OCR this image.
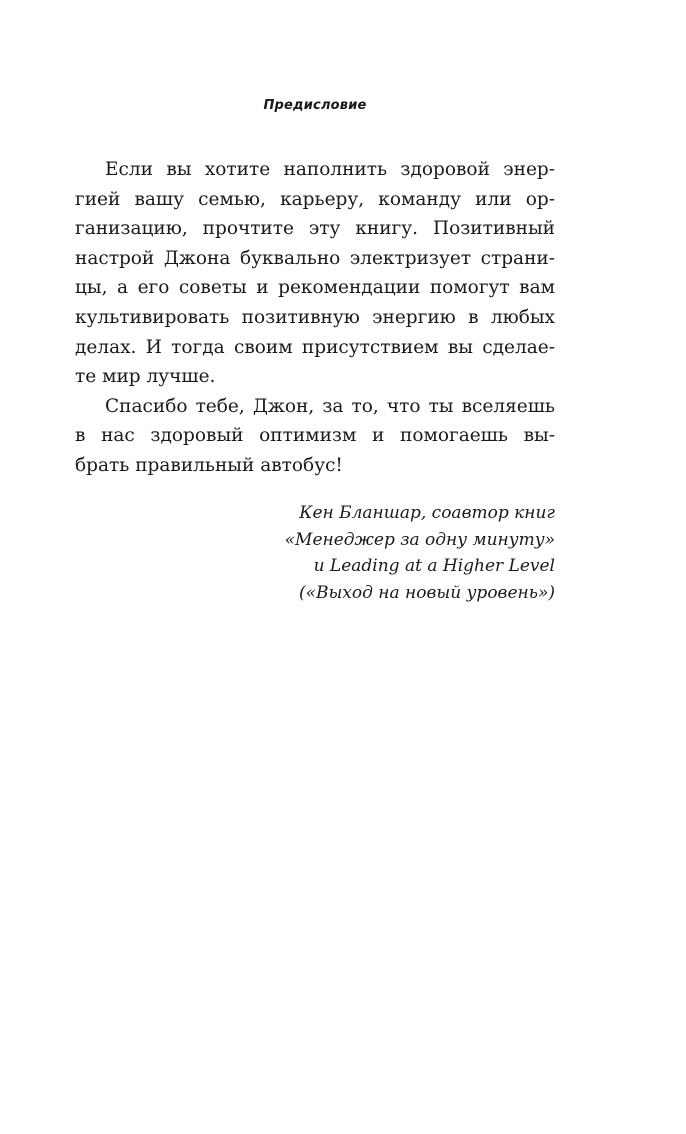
Предисловие
Если вы хотите наполнить здоровой энер-
гией вашу семью, карьеру, команду или ор-
ганизацию, прочтите эту книгу. Позитивный
настрой Джона буквально электризует страни-
цы, а его советы и рекомендации помогут вам
культивировать позитивную энергию в любых
делах. И тогда своим присутствием вы сделае-
те мир лучше.
Спасибо тебе, Джон, за то, что ты вселяешь
в нас здоровый оптимизм и помогаешь вы-
брать правильный автобус!
Кен Бланшар, соавтор книг
«Менеджер за одну минуту»
и Leading at a Higher Level
(«Выход на новый уровень»)
